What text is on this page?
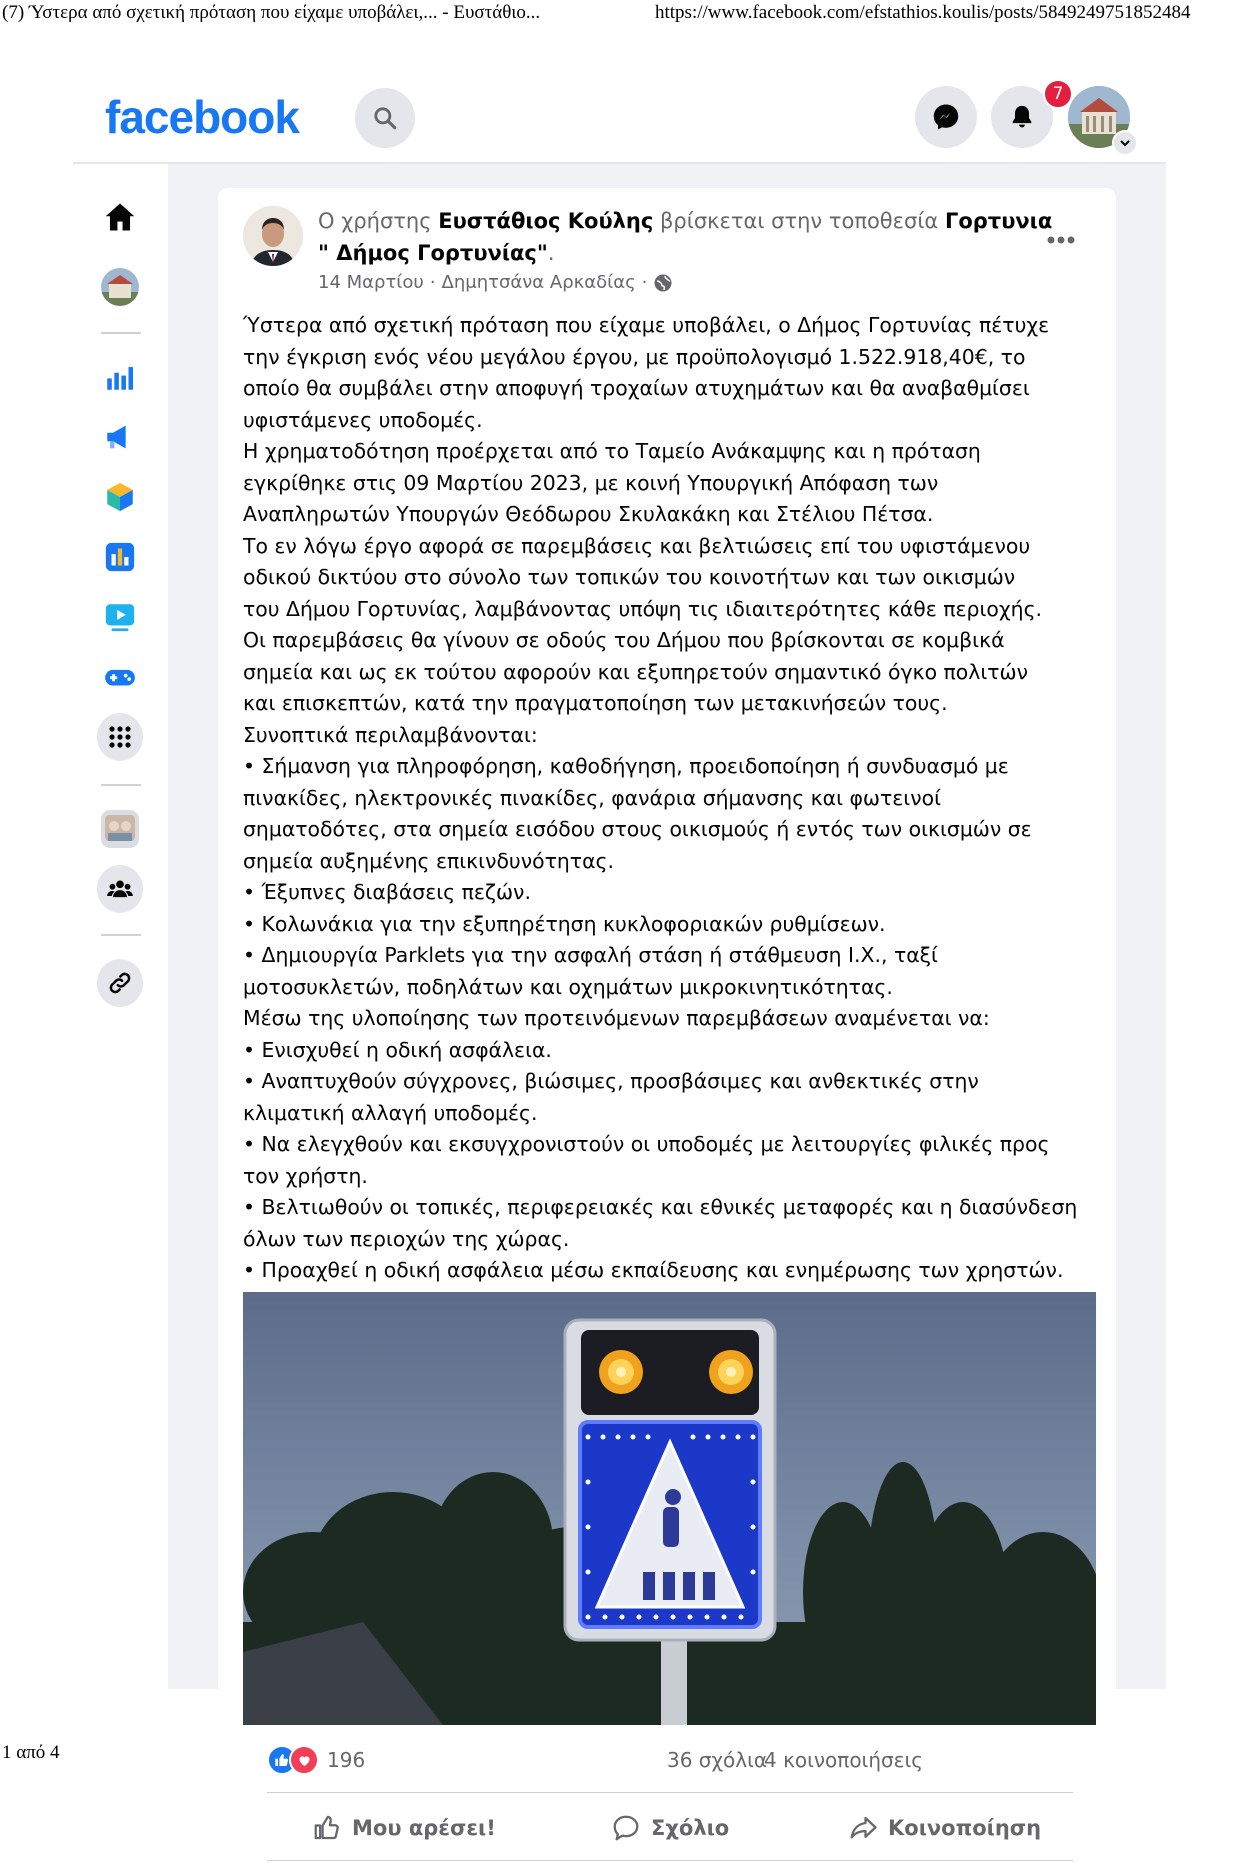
(7) Ύστερα από σχετική πρόταση που είχαμε υποβάλει,... - Ευστάθιο...	https://www.facebook.com/efstathios.koulis/posts/5849249751852484
1 από 4
facebook	7
Ο χρήστης Ευστάθιος Κούλης βρίσκεται στην τοποθεσία Γορτυνια
" Δήμος Γορτυνίας".
14 Μαρτίου · Δημητσάνα Αρκαδίας ·
Ύστερα από σχετική πρόταση που είχαμε υποβάλει, ο Δήμος Γορτυνίας πέτυχε
την έγκριση ενός νέου μεγάλου έργου, με προϋπολογισμό 1.522.918,40€, το
οποίο θα συμβάλει στην αποφυγή τροχαίων ατυχημάτων και θα αναβαθμίσει
υφιστάμενες υποδομές.
Η χρηματοδότηση προέρχεται από το Ταμείο Ανάκαμψης και η πρόταση
εγκρίθηκε στις 09 Μαρτίου 2023, με κοινή Υπουργική Απόφαση των
Αναπληρωτών Υπουργών Θεόδωρου Σκυλακάκη και Στέλιου Πέτσα.
Το εν λόγω έργο αφορά σε παρεμβάσεις και βελτιώσεις επί του υφιστάμενου
οδικού δικτύου στο σύνολο των τοπικών του κοινοτήτων και των οικισμών
του Δήμου Γορτυνίας, λαμβάνοντας υπόψη τις ιδιαιτερότητες κάθε περιοχής.
Οι παρεμβάσεις θα γίνουν σε οδούς του Δήμου που βρίσκονται σε κομβικά
σημεία και ως εκ τούτου αφορούν και εξυπηρετούν σημαντικό όγκο πολιτών
και επισκεπτών, κατά την πραγματοποίηση των μετακινήσεών τους.
Συνοπτικά περιλαμβάνονται:
• Σήμανση για πληροφόρηση, καθοδήγηση, προειδοποίηση ή συνδυασμό με
πινακίδες, ηλεκτρονικές πινακίδες, φανάρια σήμανσης και φωτεινοί
σηματοδότες, στα σημεία εισόδου στους οικισμούς ή εντός των οικισμών σε
σημεία αυξημένης επικινδυνότητας.
• Έξυπνες διαβάσεις πεζών.
• Κολωνάκια για την εξυπηρέτηση κυκλοφοριακών ρυθμίσεων.
• Δημιουργία Parklets για την ασφαλή στάση ή στάθμευση Ι.Χ., ταξί
μοτοσυκλετών, ποδηλάτων και οχημάτων μικροκινητικότητας.
Μέσω της υλοποίησης των προτεινόμενων παρεμβάσεων αναμένεται να:
• Ενισχυθεί η οδική ασφάλεια.
• Αναπτυχθούν σύγχρονες, βιώσιμες, προσβάσιμες και ανθεκτικές στην
κλιματική αλλαγή υποδομές.
• Να ελεγχθούν και εκσυγχρονιστούν οι υποδομές με λειτουργίες φιλικές προς
τον χρήστη.
• Βελτιωθούν οι τοπικές, περιφερειακές και εθνικές μεταφορές και η διασύνδεση
όλων των περιοχών της χώρας.
• Προαχθεί η οδική ασφάλεια μέσω εκπαίδευσης και ενημέρωσης των χρηστών.
196	36 σχόλια
4 κοινοποιήσεις
Μου αρέσει!	Σχόλιο	Κοινοποίηση
